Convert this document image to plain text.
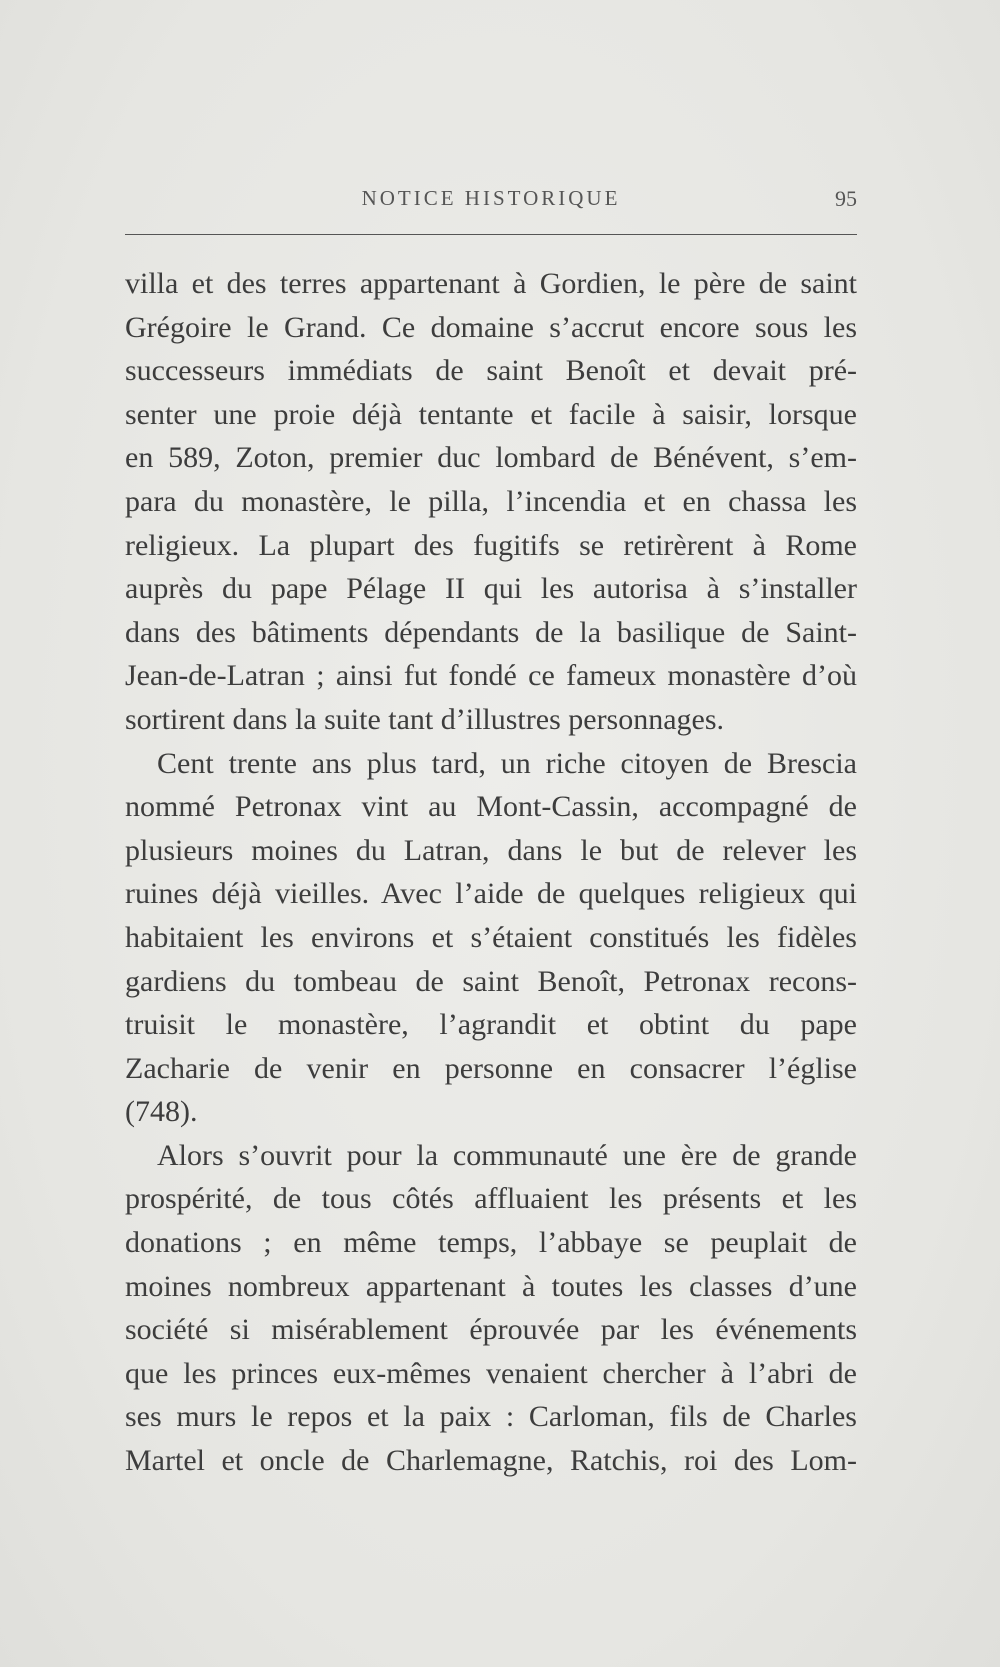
NOTICE HISTORIQUE	95
villa et des terres appartenant à Gordien, le père de saint
Grégoire le Grand. Ce domaine s’accrut encore sous les
successeurs immédiats de saint Benoît et devait pré-
senter une proie déjà tentante et facile à saisir, lorsque
en 589, Zoton, premier duc lombard de Bénévent, s’em-
para du monastère, le pilla, l’incendia et en chassa les
religieux. La plupart des fugitifs se retirèrent à Rome
auprès du pape Pélage II qui les autorisa à s’installer
dans des bâtiments dépendants de la basilique de Saint-
Jean-de-Latran ; ainsi fut fondé ce fameux monastère d’où
sortirent dans la suite tant d’illustres personnages.
Cent trente ans plus tard, un riche citoyen de Brescia
nommé Petronax vint au Mont-Cassin, accompagné de
plusieurs moines du Latran, dans le but de relever les
ruines déjà vieilles. Avec l’aide de quelques religieux qui
habitaient les environs et s’étaient constitués les fidèles
gardiens du tombeau de saint Benoît, Petronax recons-
truisit le monastère, l’agrandit et obtint du pape
Zacharie de venir en personne en consacrer l’église
(748).
Alors s’ouvrit pour la communauté une ère de grande
prospérité, de tous côtés affluaient les présents et les
donations ; en même temps, l’abbaye se peuplait de
moines nombreux appartenant à toutes les classes d’une
société si misérablement éprouvée par les événements
que les princes eux-mêmes venaient chercher à l’abri de
ses murs le repos et la paix : Carloman, fils de Charles
Martel et oncle de Charlemagne, Ratchis, roi des Lom-
